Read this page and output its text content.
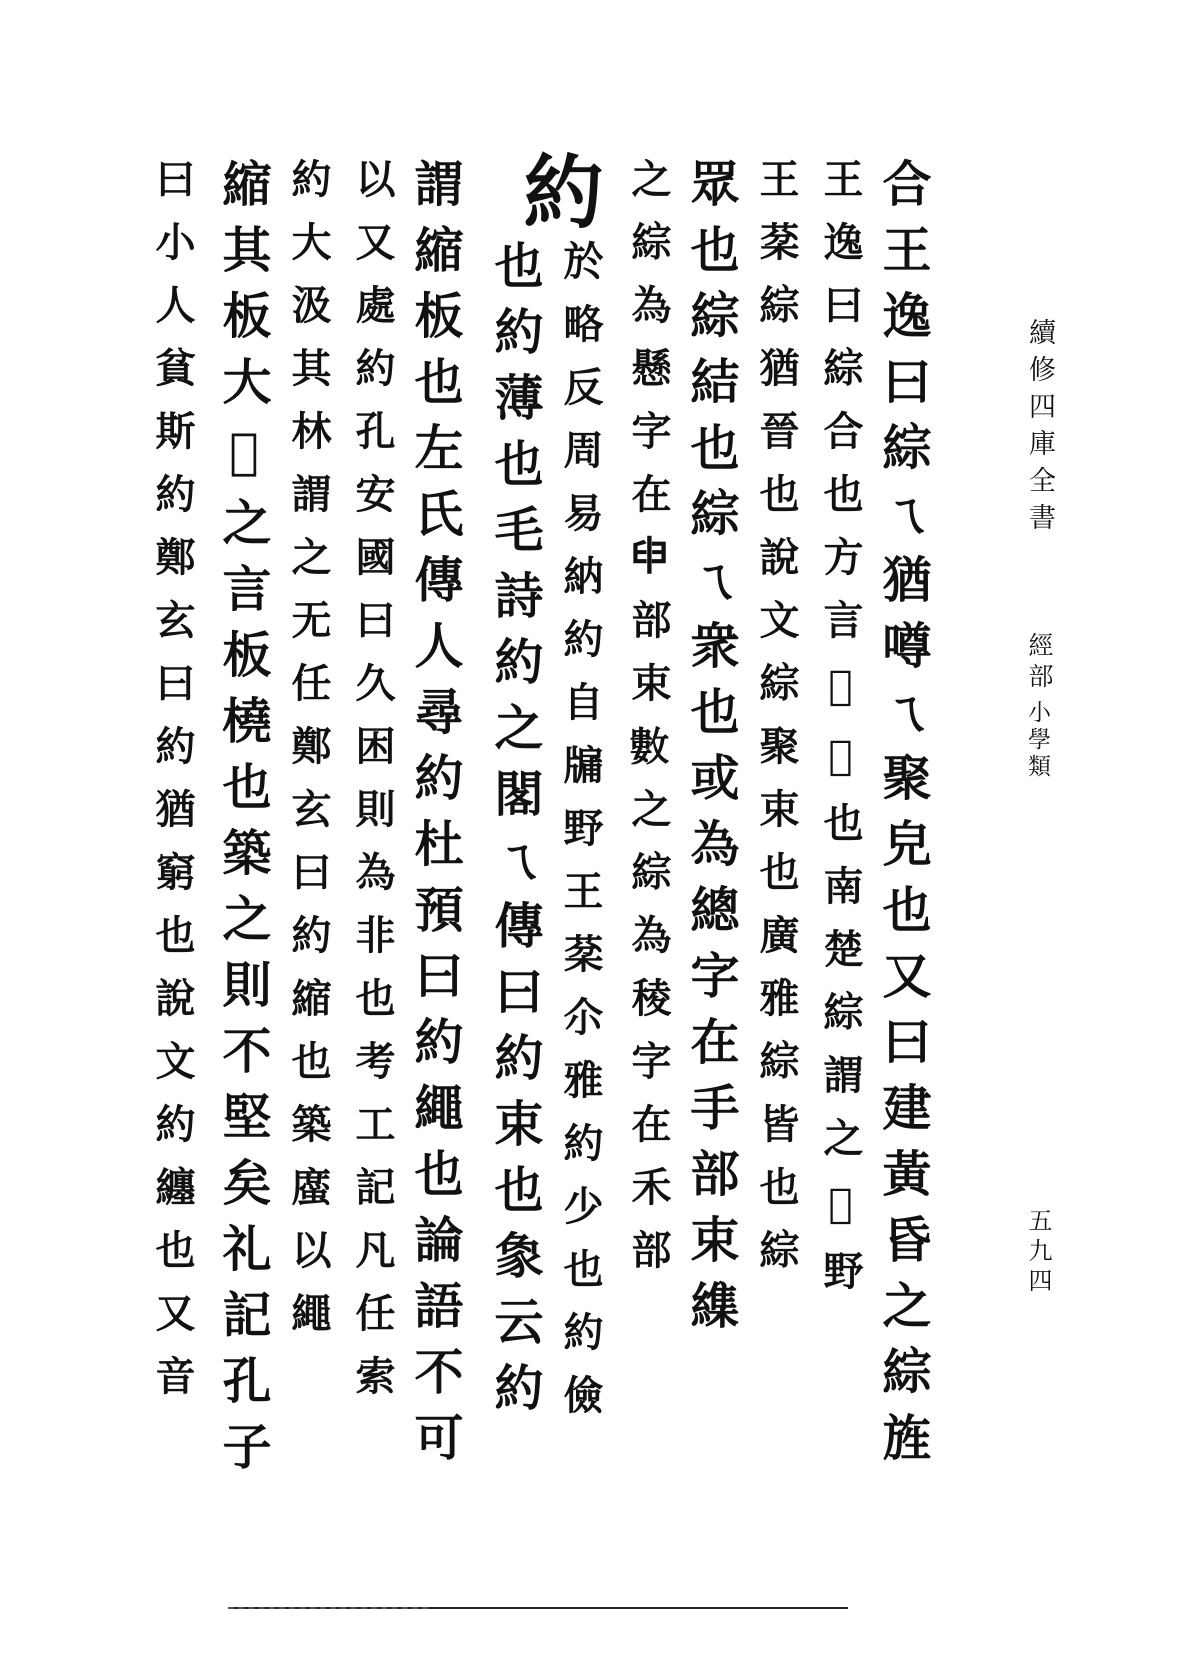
續修四庫全書
經部
小學類
五九四
合王逸曰綜ㄟ猶噂ㄟ聚皃也又曰建黃昏之綜旌
王逸曰綜合也方言𥨊𪊩也南楚綜謂之𪊩野
王棻綜猶晉也說文綜聚束也廣雅綜皆也綜
眾也綜結也綜ㄟ衆也或為總字在手部束䌖
之綜為懸字在𦥔部束𢿙之綜為稜字在禾部
約
於略反周易納約自牖野王棻尒雅約少也約儉
也約薄也毛詩約之閣ㄟ傳曰約束也𧰼云約
謂縮板也左氏傳人尋約杜預曰約繩也論語不可
以又處約孔安國曰久困則為非也考工記凡任索
約大汲其林謂之无任鄭玄曰約縮也築䗪以繩
縮其板大𢪛之言板橈也築之則不堅矣礼記孔子
曰小人貧斯約鄭玄曰約猶窮也說文約纏也又音
